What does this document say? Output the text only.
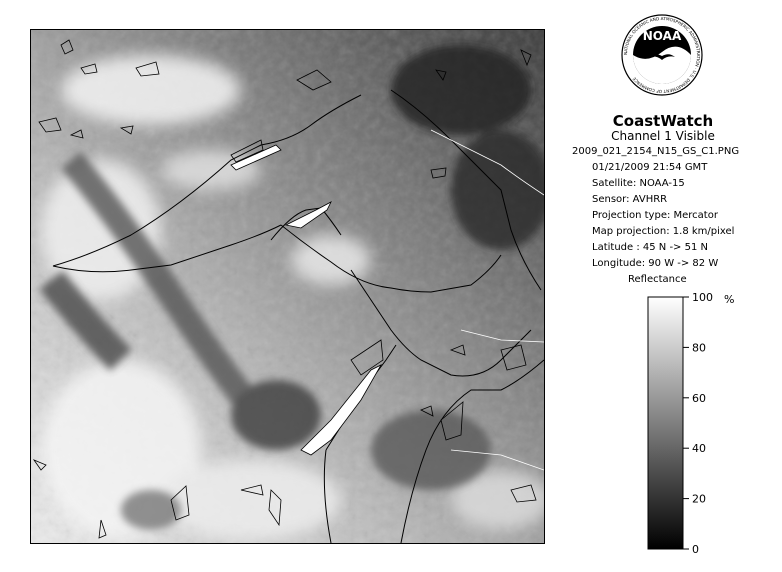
NOAA
NATIONAL OCEANIC AND ATMOSPHERIC ADMINISTRATION · U.S. DEPARTMENT OF COMMERCE
CoastWatch
Channel 1 Visible
2009_021_2154_N15_GS_C1.PNG
01/21/2009 21:54 GMT
Satellite: NOAA-15
Sensor: AVHRR
Projection type: Mercator
Map projection: 1.8 km/pixel
Latitude : 45 N -> 51 N
Longitude: 90 W -> 82 W
Reflectance
%
0
20
40
60
80
100
